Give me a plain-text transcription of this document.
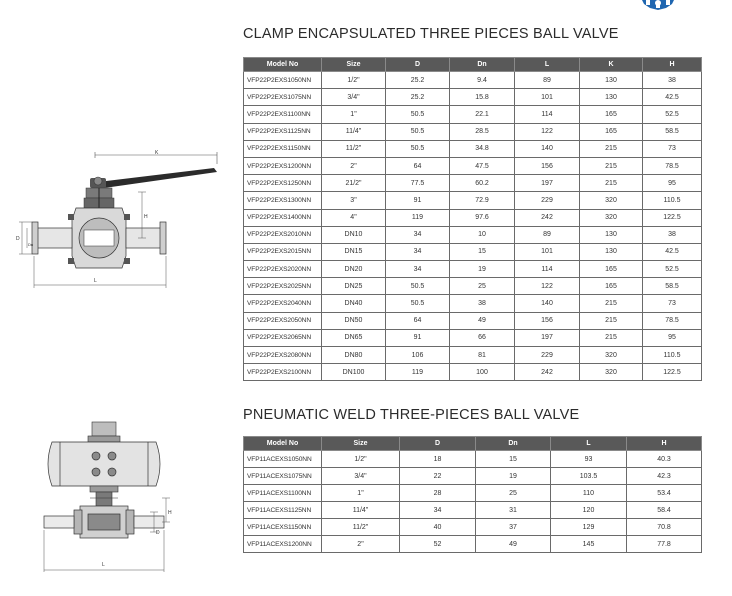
CLAMP ENCAPSULATED THREE PIECES BALL VALVE
K
D
Dn
H
L
Model No	Size	D	Dn	L	K	H
VFP22P2EXS1050NN	1/2"	25.2	9.4	89	130	38
VFP22P2EXS1075NN	3/4"	25.2	15.8	101	130	42.5
VFP22P2EXS1100NN	1"	50.5	22.1	114	165	52.5
VFP22P2EXS1125NN	11/4"	50.5	28.5	122	165	58.5
VFP22P2EXS1150NN	11/2"	50.5	34.8	140	215	73
VFP22P2EXS1200NN	2"	64	47.5	156	215	78.5
VFP22P2EXS1250NN	21/2"	77.5	60.2	197	215	95
VFP22P2EXS1300NN	3"	91	72.9	229	320	110.5
VFP22P2EXS1400NN	4"	119	97.6	242	320	122.5
VFP22P2EXS2010NN	DN10	34	10	89	130	38
VFP22P2EXS2015NN	DN15	34	15	101	130	42.5
VFP22P2EXS2020NN	DN20	34	19	114	165	52.5
VFP22P2EXS2025NN	DN25	50.5	25	122	165	58.5
VFP22P2EXS2040NN	DN40	50.5	38	140	215	73
VFP22P2EXS2050NN	DN50	64	49	156	215	78.5
VFP22P2EXS2065NN	DN65	91	66	197	215	95
VFP22P2EXS2080NN	DN80	106	81	229	320	110.5
VFP22P2EXS2100NN	DN100	119	100	242	320	122.5
PNEUMATIC WELD THREE-PIECES BALL VALVE
H
D
L
Model No	Size	D	Dn	L	H
VFP11ACEXS1050NN	1/2"	18	15	93	40.3
VFP11ACEXS1075NN	3/4"	22	19	103.5	42.3
VFP11ACEXS1100NN	1"	28	25	110	53.4
VFP11ACEXS1125NN	11/4"	34	31	120	58.4
VFP11ACEXS1150NN	11/2"	40	37	129	70.8
VFP11ACEXS1200NN	2"	52	49	145	77.8
